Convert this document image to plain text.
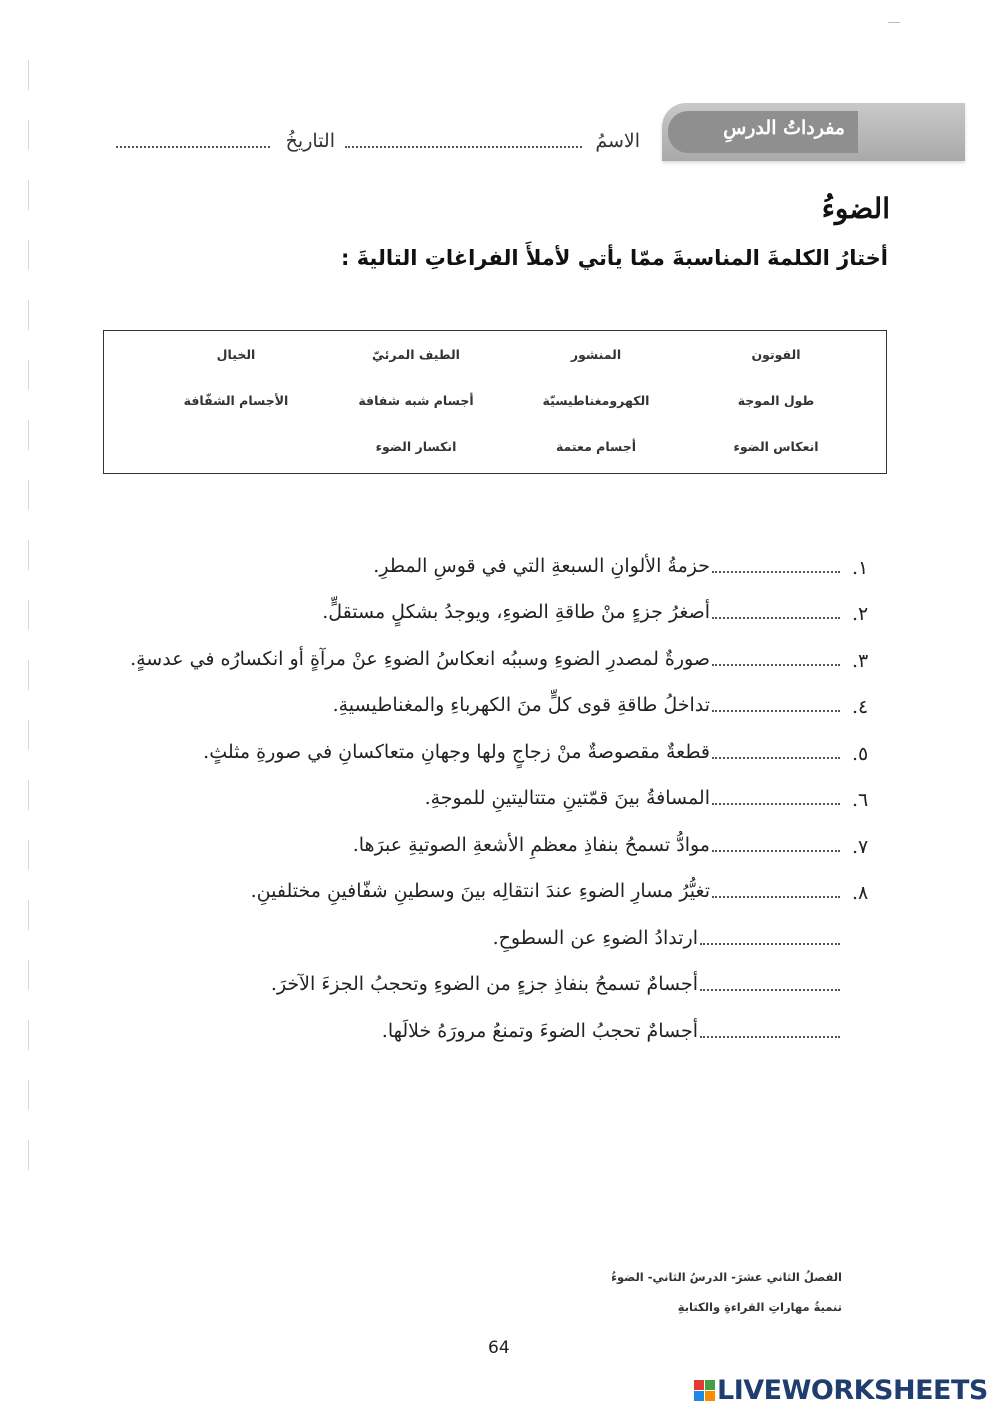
مفرداتُ الدرسِ
الاسمُ
التاريخُ
الضوءُ
أختارُ الكلمةَ المناسبةَ ممّا يأتي لأملأَ الفراغاتِ التاليةَ :
الفوتون
المنشور
الطيف المرئيّ
الخيال
طول الموجة
الكهرومغناطيسيّة
أجسام شبه شفافة
الأجسام الشفّافة
انعكاس الضوء
أجسام معتمة
انكسار الضوء
١.
حزمةُ الألوانِ السبعةِ التي في قوسِ المطرِ.
٢.
أصغرُ جزءٍ منْ طاقةِ الضوءِ، ويوجدُ بشكلٍ مستقلٍّ.
٣.
صورةٌ لمصدرِ الضوءِ وسببُه انعكاسُ الضوءِ عنْ مرآةٍ أو انكسارُه في عدسةٍ.
٤.
تداخلُ طاقةِ قوى كلٍّ منَ الكهرباءِ والمغناطيسيةِ.
٥.
قطعةٌ مقصوصةٌ منْ زجاجٍ ولها وجهانِ متعاكسانِ في صورةِ مثلثٍ.
٦.
المسافةُ بينَ قمّتينِ متتاليتينِ للموجةِ.
٧.
موادُّ تسمحُ بنفاذِ معظمِ الأشعةِ الصوتيةِ عبرَها.
٨.
تغيُّرُ مسارِ الضوءِ عندَ انتقالِه بينَ وسطينِ شفّافينِ مختلفينِ.
ارتدادُ الضوءِ عن السطوحِ.
أجسامٌ تسمحُ بنفاذِ جزءٍ من الضوءِ وتحجبُ الجزءَ الآخرَ.
أجسامٌ تحجبُ الضوءَ وتمنعُ مرورَهُ خلالَها.
الفصلُ الثاني عشرَ- الدرسُ الثاني- الضوءُ
تنميةُ مهاراتِ القراءةِ والكتابةِ
64
LIVEWORKSHEETS
